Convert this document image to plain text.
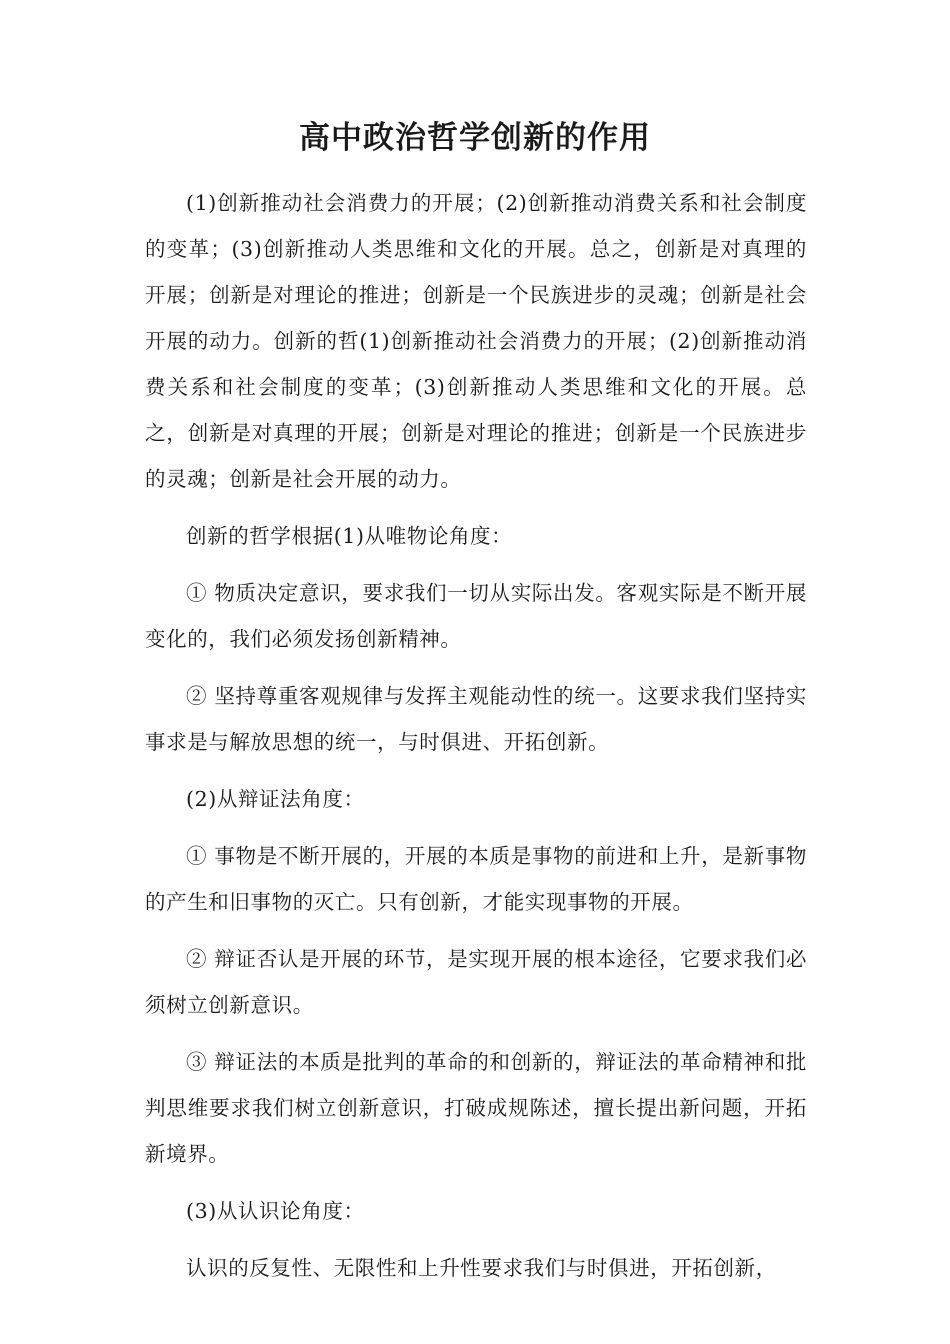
高中政治哲学创新的作用

(1)创新推动社会消费力的开展；(2)创新推动消费关系和社会制度的变革；(3)创新推动人类思维和文化的开展。总之，创新是对真理的开展；创新是对理论的推进；创新是一个民族进步的灵魂；创新是社会开展的动力。创新的哲(1)创新推动社会消费力的开展；(2)创新推动消费关系和社会制度的变革；(3)创新推动人类思维和文化的开展。总之，创新是对真理的开展；创新是对理论的推进；创新是一个民族进步的灵魂；创新是社会开展的动力。

创新的哲学根据(1)从唯物论角度：

① 物质决定意识，要求我们一切从实际出发。客观实际是不断开展变化的，我们必须发扬创新精神。

② 坚持尊重客观规律与发挥主观能动性的统一。这要求我们坚持实事求是与解放思想的统一，与时俱进、开拓创新。

(2)从辩证法角度：

① 事物是不断开展的，开展的本质是事物的前进和上升，是新事物的产生和旧事物的灭亡。只有创新，才能实现事物的开展。

② 辩证否认是开展的环节，是实现开展的根本途径，它要求我们必须树立创新意识。

③ 辩证法的本质是批判的革命的和创新的，辩证法的革命精神和批判思维要求我们树立创新意识，打破成规陈述，擅长提出新问题，开拓新境界。

(3)从认识论角度：

认识的反复性、无限性和上升性要求我们与时俱进，开拓创新，
